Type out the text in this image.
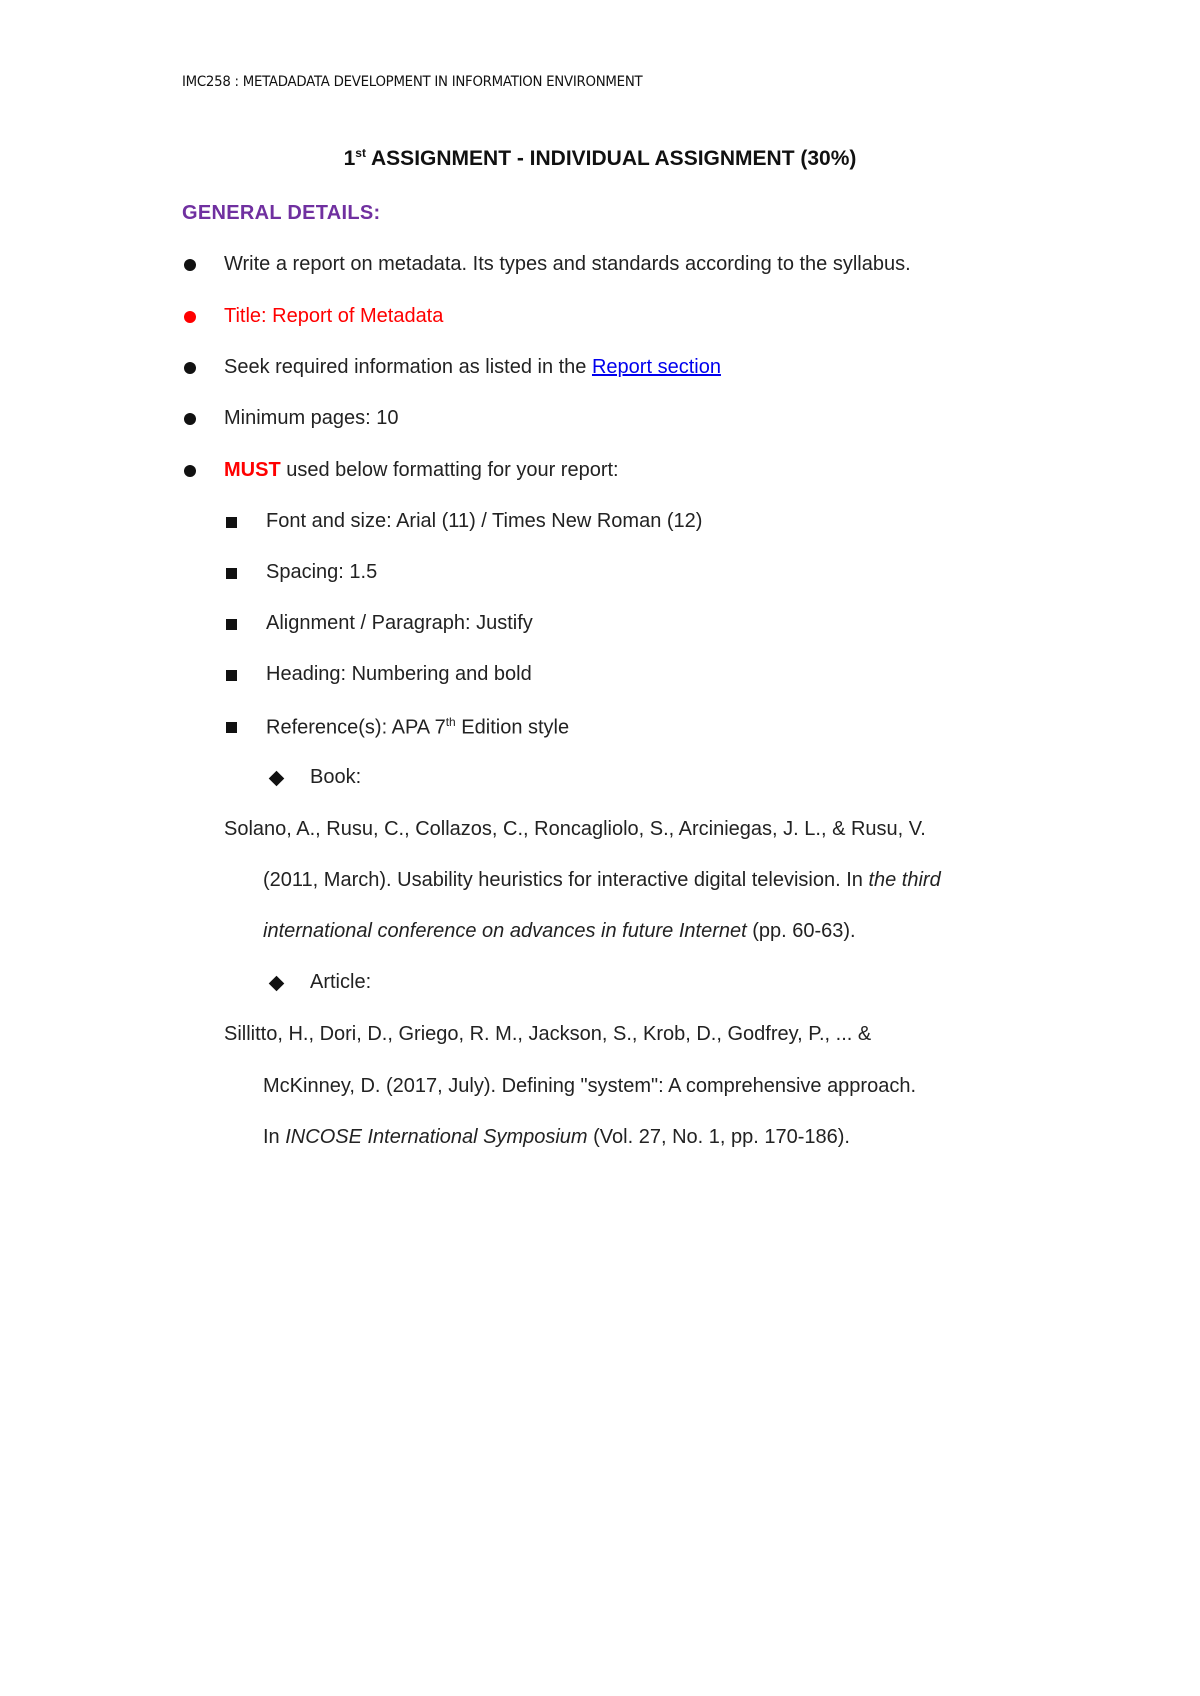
IMC258 : METADADATA DEVELOPMENT IN INFORMATION ENVIRONMENT
1st ASSIGNMENT - INDIVIDUAL ASSIGNMENT (30%)
GENERAL DETAILS:
Write a report on metadata. Its types and standards according to the syllabus.
Title: Report of Metadata
Seek required information as listed in the Report section
Minimum pages: 10
MUST used below formatting for your report:
Font and size: Arial (11) / Times New Roman (12)
Spacing: 1.5
Alignment / Paragraph: Justify
Heading: Numbering and bold
Reference(s): APA 7th Edition style
Book:
Solano, A., Rusu, C., Collazos, C., Roncagliolo, S., Arciniegas, J. L., & Rusu, V.
(2011, March). Usability heuristics for interactive digital television. In the third
international conference on advances in future Internet (pp. 60-63).
Article:
Sillitto, H., Dori, D., Griego, R. M., Jackson, S., Krob, D., Godfrey, P., ... &
McKinney, D. (2017, July). Defining "system": A comprehensive approach.
In INCOSE International Symposium (Vol. 27, No. 1, pp. 170-186).
